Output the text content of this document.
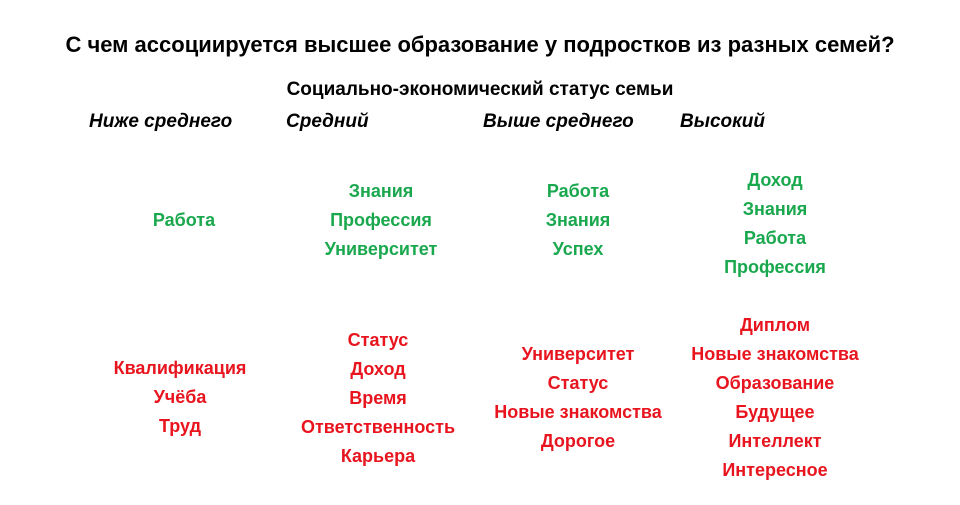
С чем ассоциируется высшее образование у подростков из разных семей?
Социально-экономический статус семьи
Ниже среднего	Средний	Выше среднего Высокий
Работа
Квалификация
Учёба
Труд
Знания
Профессия
Университет
Статус
Доход
Время
Ответственность
Карьера
Работа
Знания
Успех
Университет
Статус
Новые знакомства
Дорогое
Доход
Знания
Работа
Профессия
Диплом
Новые знакомства
Образование
Будущее
Интеллект
Интересное
